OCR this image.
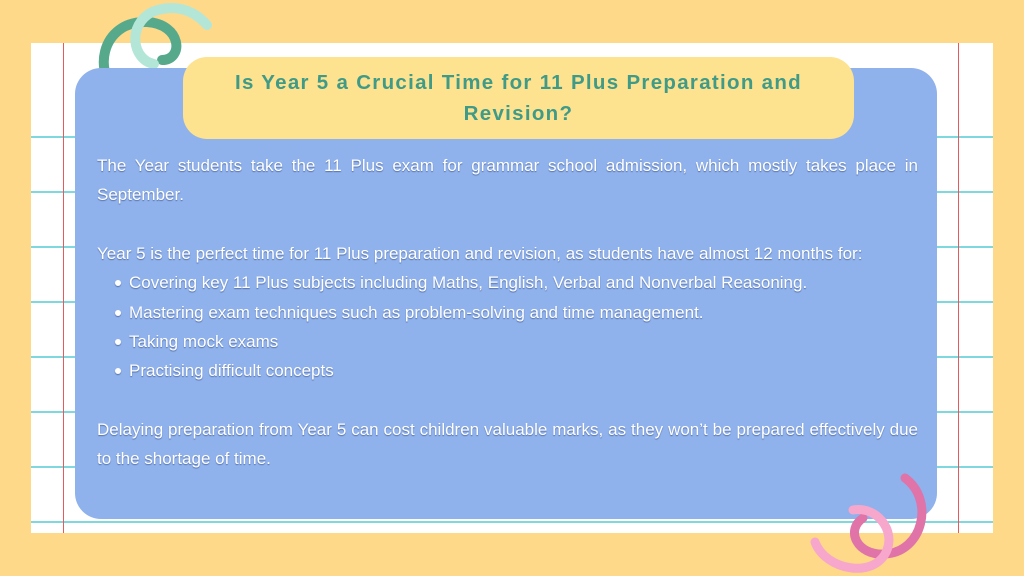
Is Year 5 a Crucial Time for 11 Plus Preparation and Revision?

The Year students take the 11 Plus exam for grammar school admission, which mostly takes place in September.

Year 5 is the perfect time for 11 Plus preparation and revision, as students have almost 12 months for:

Covering key 11 Plus subjects including Maths, English, Verbal and Nonverbal Reasoning.
Mastering exam techniques such as problem-solving and time management.
Taking mock exams
Practising difficult concepts

Delaying preparation from Year 5 can cost children valuable marks, as they won’t be prepared effectively due to the shortage of time.
